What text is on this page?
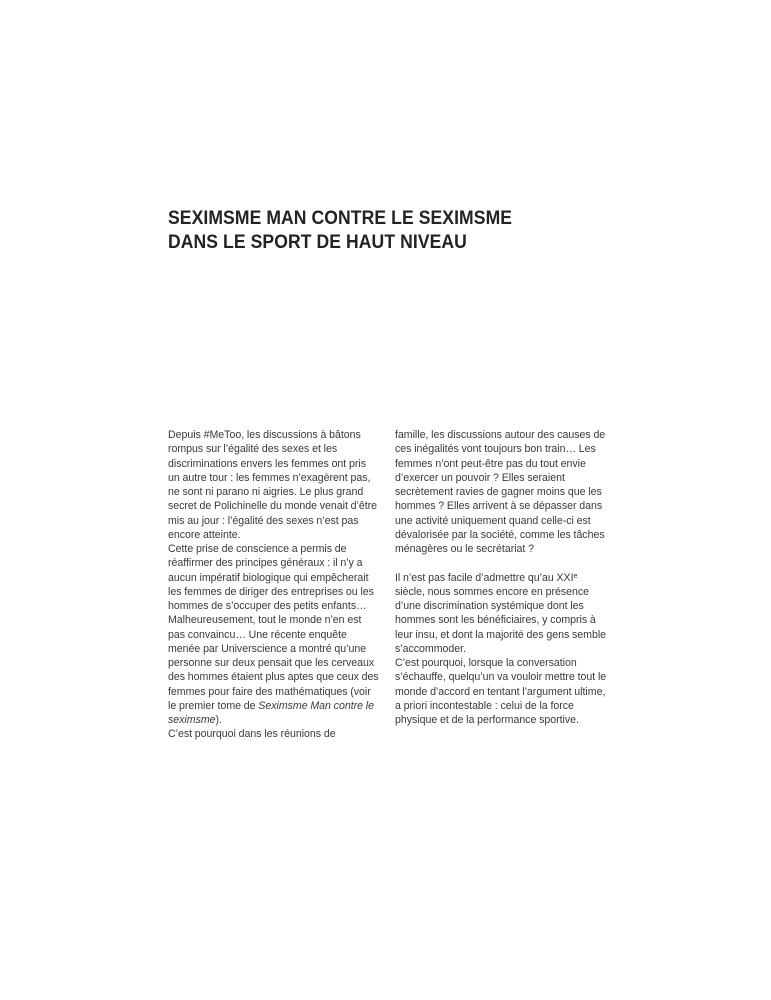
SEXIMSME MAN CONTRE LE SEXIMSME
DANS LE SPORT DE HAUT NIVEAU

Depuis #MeToo, les discussions à bâtons rompus sur l’égalité des sexes et les discriminations envers les femmes ont pris un autre tour : les femmes n’exagèrent pas, ne sont ni parano ni aigries. Le plus grand secret de Polichinelle du monde venait d’être mis au jour : l’égalité des sexes n’est pas encore atteinte.

Cette prise de conscience a permis de réaffirmer des principes généraux : il n’y a aucun impératif biologique qui empêcherait les femmes de diriger des entreprises ou les hommes de s’occuper des petits enfants…

Malheureusement, tout le monde n’en est pas convaincu… Une récente enquête menée par Universcience a montré qu’une personne sur deux pensait que les cerveaux des hommes étaient plus aptes que ceux des femmes pour faire des mathématiques (voir le premier tome de Seximsme Man contre le seximsme).

C’est pourquoi dans les réunions de

famille, les discussions autour des causes de ces inégalités vont toujours bon train… Les femmes n’ont peut-être pas du tout envie d’exercer un pouvoir ? Elles seraient secrètement ravies de gagner moins que les hommes ? Elles arrivent à se dépasser dans une activité uniquement quand celle-ci est dévalorisée par la société, comme les tâches ménagères ou le secrétariat ?

Il n’est pas facile d’admettre qu’au XXIe siècle, nous sommes encore en présence d’une discrimination systémique dont les hommes sont les bénéficiaires, y compris à leur insu, et dont la majorité des gens semble s’accommoder.

C’est pourquoi, lorsque la conversation s’échauffe, quelqu’un va vouloir mettre tout le monde d’accord en tentant l’argument ultime, a priori incontestable : celui de la force physique et de la performance sportive.
